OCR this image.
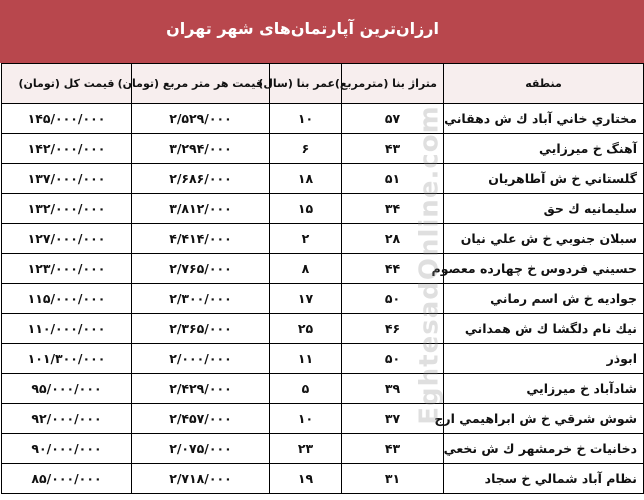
ارزان‌ترین آپارتمان‌های شهر تهران
منطقه	متراژ بنا (مترمربع)	عمر بنا (سال)	قیمت هر متر مربع (تومان)	قیمت کل (تومان)
مختاري خاني آباد ك ش دهقاني	۵۷	۱۰	۲/۵۲۹/۰۰۰	۱۴۵/۰۰۰/۰۰۰
آهنگ خ ميرزايي	۴۳	۶	۳/۲۹۴/۰۰۰	۱۴۲/۰۰۰/۰۰۰
گلستاني خ ش آطاهريان	۵۱	۱۸	۲/۶۸۶/۰۰۰	۱۳۷/۰۰۰/۰۰۰
سليمانيه ك حق	۳۴	۱۵	۳/۸۱۲/۰۰۰	۱۳۲/۰۰۰/۰۰۰
سبلان جنوبي خ ش علي نيان	۲۸	۲	۴/۴۱۴/۰۰۰	۱۲۷/۰۰۰/۰۰۰
حسيني فردوس خ چهارده معصوم	۴۴	۸	۲/۷۶۵/۰۰۰	۱۲۳/۰۰۰/۰۰۰
جواديه خ ش اسم رماني	۵۰	۱۷	۲/۳۰۰/۰۰۰	۱۱۵/۰۰۰/۰۰۰
نيك نام دلگشا ك ش همداني	۴۶	۲۵	۲/۳۶۵/۰۰۰	۱۱۰/۰۰۰/۰۰۰
ابوذر	۵۰	۱۱	۲/۰۰۰/۰۰۰	۱۰۱/۳۰۰/۰۰۰
شادآباد خ ميرزايي	۳۹	۵	۲/۴۲۹/۰۰۰	۹۵/۰۰۰/۰۰۰
شوش شرقي خ ش ابراهيمي ارج	۳۷	۱۰	۲/۴۵۷/۰۰۰	۹۲/۰۰۰/۰۰۰
دخانيات خ خرمشهر ك ش نخعي	۴۳	۲۳	۲/۰۷۵/۰۰۰	۹۰/۰۰۰/۰۰۰
نظام آباد شمالي خ سجاد	۳۱	۱۹	۲/۷۱۸/۰۰۰	۸۵/۰۰۰/۰۰۰
EghtesadOnline.com
